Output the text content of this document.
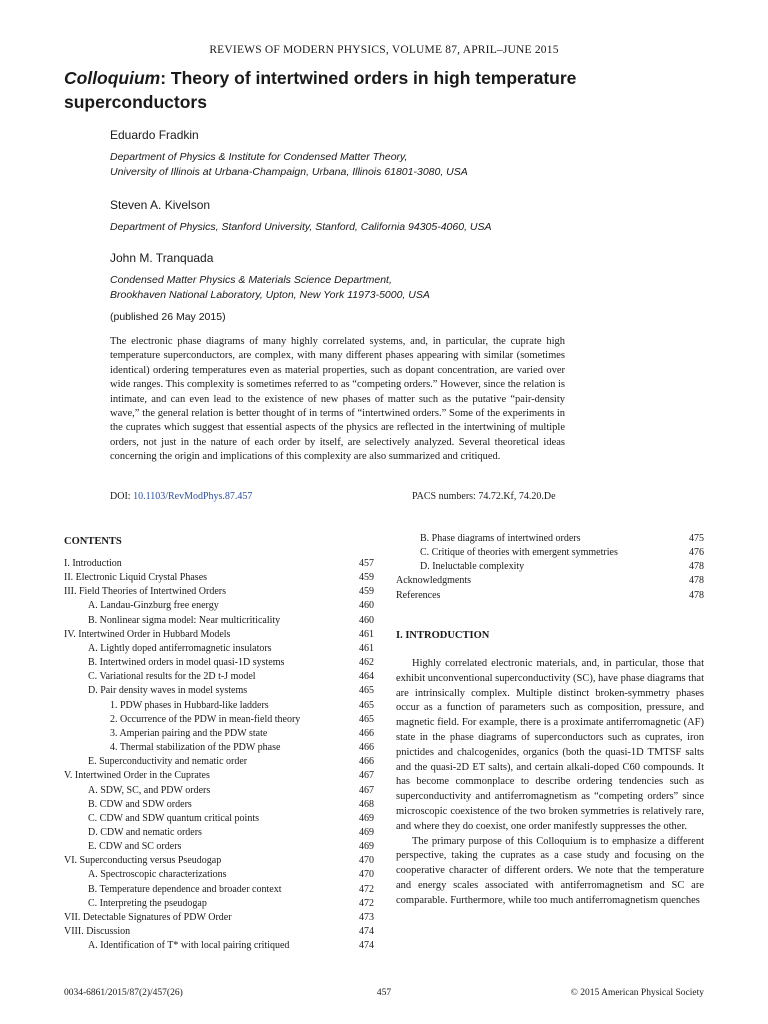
REVIEWS OF MODERN PHYSICS, VOLUME 87, APRIL–JUNE 2015
Colloquium: Theory of intertwined orders in high temperature superconductors
Eduardo Fradkin
Department of Physics & Institute for Condensed Matter Theory,
University of Illinois at Urbana-Champaign, Urbana, Illinois 61801-3080, USA
Steven A. Kivelson
Department of Physics, Stanford University, Stanford, California 94305-4060, USA
John M. Tranquada
Condensed Matter Physics & Materials Science Department,
Brookhaven National Laboratory, Upton, New York 11973-5000, USA
(published 26 May 2015)
The electronic phase diagrams of many highly correlated systems, and, in particular, the cuprate high temperature superconductors, are complex, with many different phases appearing with similar (sometimes identical) ordering temperatures even as material properties, such as dopant concentration, are varied over wide ranges. This complexity is sometimes referred to as “competing orders.” However, since the relation is intimate, and can even lead to the existence of new phases of matter such as the putative “pair-density wave,” the general relation is better thought of in terms of “intertwined orders.” Some of the experiments in the cuprates which suggest that essential aspects of the physics are reflected in the intertwining of multiple orders, not just in the nature of each order by itself, are selectively analyzed. Several theoretical ideas concerning the origin and implications of this complexity are also summarized and critiqued.
DOI: 10.1103/RevModPhys.87.457	PACS numbers: 74.72.Kf, 74.20.De
CONTENTS
I. Introduction	457
II. Electronic Liquid Crystal Phases	459
III. Field Theories of Intertwined Orders	459
A. Landau-Ginzburg free energy	460
B. Nonlinear sigma model: Near multicriticality	460
IV. Intertwined Order in Hubbard Models	461
A. Lightly doped antiferromagnetic insulators	461
B. Intertwined orders in model quasi-1D systems	462
C. Variational results for the 2D t-J model	464
D. Pair density waves in model systems	465
1. PDW phases in Hubbard-like ladders	465
2. Occurrence of the PDW in mean-field theory	465
3. Amperian pairing and the PDW state	466
4. Thermal stabilization of the PDW phase	466
E. Superconductivity and nematic order	466
V. Intertwined Order in the Cuprates	467
A. SDW, SC, and PDW orders	467
B. CDW and SDW orders	468
C. CDW and SDW quantum critical points	469
D. CDW and nematic orders	469
E. CDW and SC orders	469
VI. Superconducting versus Pseudogap	470
A. Spectroscopic characterizations	470
B. Temperature dependence and broader context	472
C. Interpreting the pseudogap	472
VII. Detectable Signatures of PDW Order	473
VIII. Discussion	474
A. Identification of T* with local pairing critiqued	474
B. Phase diagrams of intertwined orders	475
C. Critique of theories with emergent symmetries	476
D. Ineluctable complexity	478
Acknowledgments	478
References	478
I. INTRODUCTION

Highly correlated electronic materials, and, in particular, those that exhibit unconventional superconductivity (SC), have phase diagrams that are intrinsically complex. Multiple distinct broken-symmetry phases occur as a function of parameters such as composition, pressure, and magnetic field. For example, there is a proximate antiferromagnetic (AF) state in the phase diagrams of superconductors such as cuprates, iron pnictides and chalcogenides, organics (both the quasi-1D TMTSF salts and the quasi-2D ET salts), and certain alkali-doped C60 compounds. It has become commonplace to describe ordering tendencies such as superconductivity and antiferromagnetism as “competing orders” since microscopic coexistence of the two broken symmetries is relatively rare, and where they do coexist, one order manifestly suppresses the other.

The primary purpose of this Colloquium is to emphasize a different perspective, taking the cuprates as a case study and focusing on the cooperative character of different orders. We note that the temperature and energy scales associated with antiferromagnetism and SC are comparable. Furthermore, while too much antiferromagnetism quenches

0034-6861/2015/87(2)/457(26)	457	© 2015 American Physical Society
